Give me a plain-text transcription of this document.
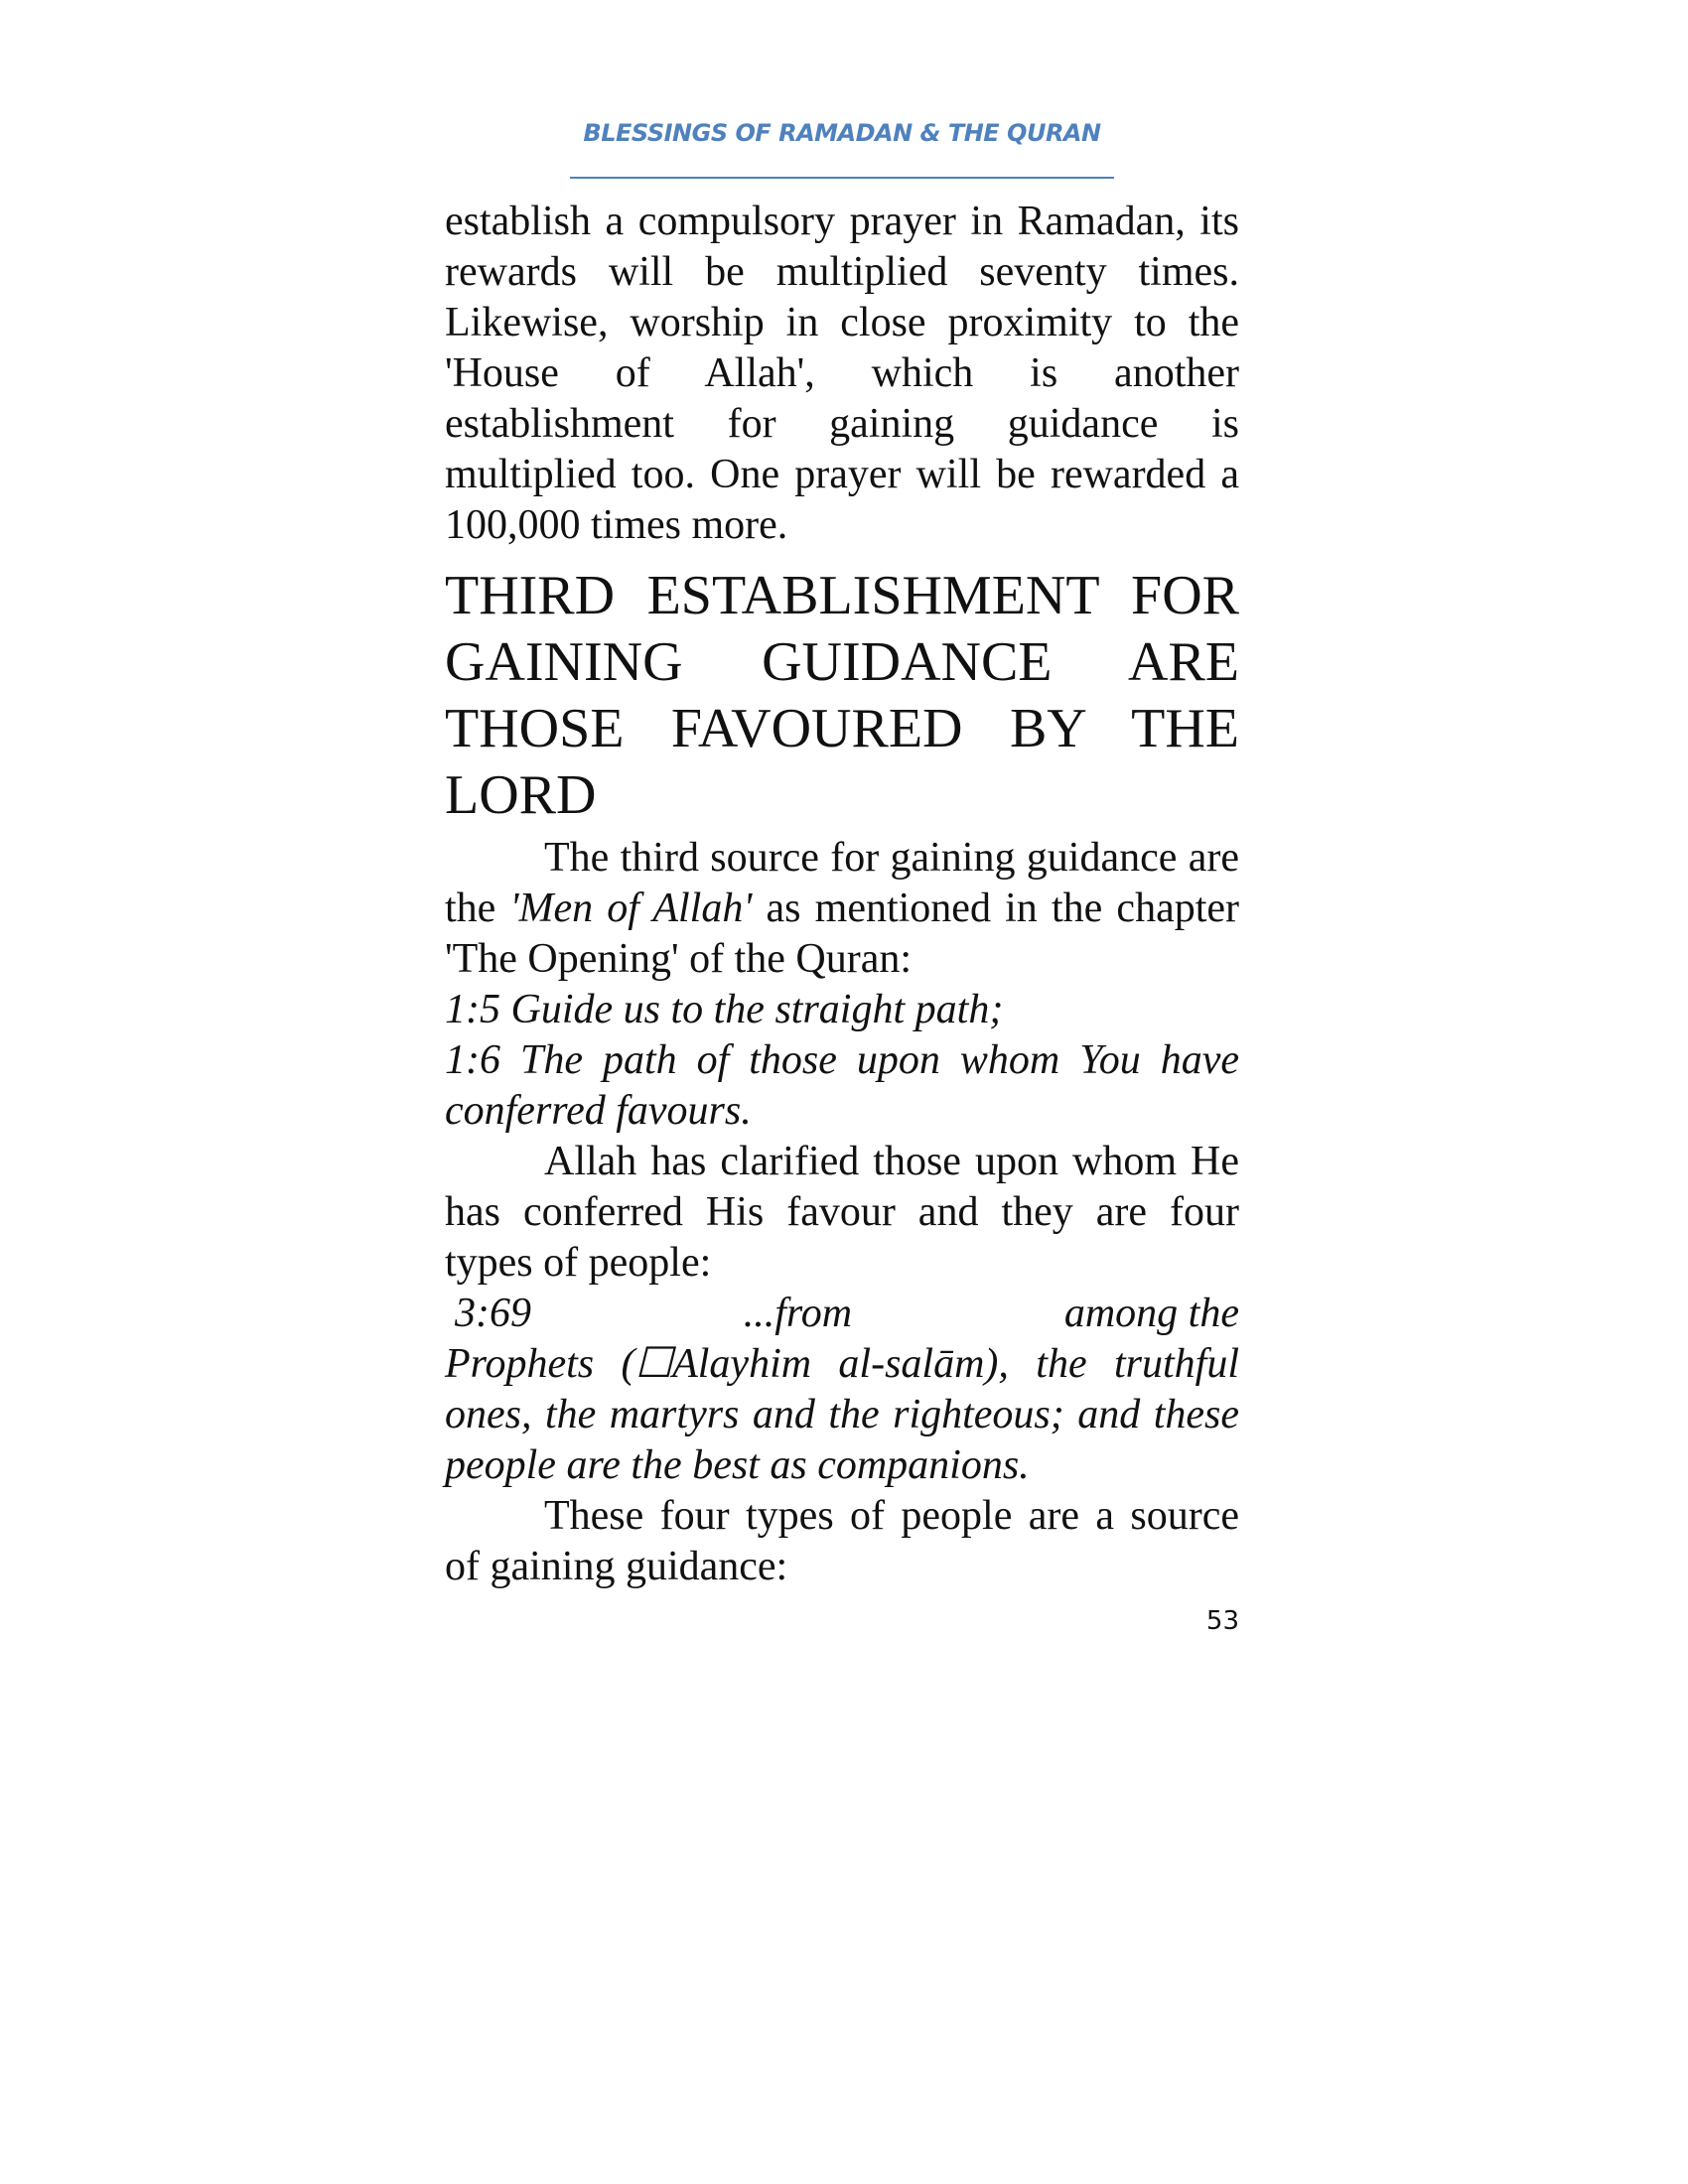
BLESSINGS OF RAMADAN & THE QURAN

establish a compulsory prayer in Ramadan, its rewards will be multiplied seventy times. Likewise, worship in close proximity to the 'House of Allah', which is another establishment for gaining guidance is multiplied too. One prayer will be rewarded a 100,000 times more.

THIRD ESTABLISHMENT FOR GAINING GUIDANCE ARE THOSE FAVOURED BY THE LORD

The third source for gaining guidance are the 'Men of Allah' as mentioned in the chapter 'The Opening' of the Quran:

1:5 Guide us to the straight path;

1:6 The path of those upon whom You have conferred favours.

Allah has clarified those upon whom He has conferred His favour and they are four types of people:

3:69	...from	among the

Prophets (☐Alayhim al-salām), the truthful ones, the martyrs and the righteous; and these people are the best as companions.

These four types of people are a source of gaining guidance:

53
